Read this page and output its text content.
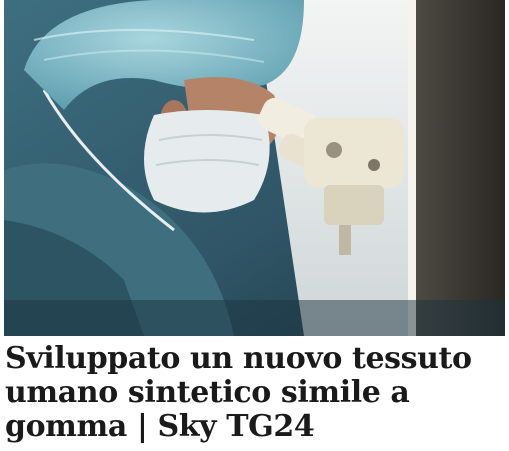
Sviluppato un nuovo tessuto umano sintetico simile a gomma | Sky TG24
